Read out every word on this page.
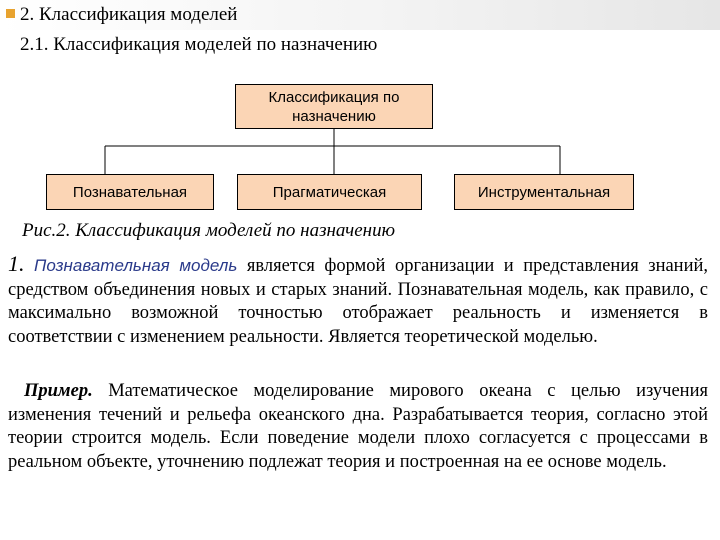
2. Классификация моделей
2.1. Классификация моделей по назначению
Классификация по назначению
Познавательная	Прагматическая	Инструментальная
Рис.2. Классификация моделей по назначению

1. Познавательная модель является формой организации и представления знаний, средством объединения новых и старых знаний. Познавательная модель, как правило, с максимально возможной точностью отображает реальность и изменяется в соответствии с изменением реальности. Является теоретической моделью.

Пример. Математическое моделирование мирового океана с целью изучения изменения течений и рельефа океанского дна. Разрабатывается теория, согласно этой теории строится модель. Если поведение модели плохо согласуется с процессами в реальном объекте, уточнению подлежат теория и построенная на ее основе модель.
